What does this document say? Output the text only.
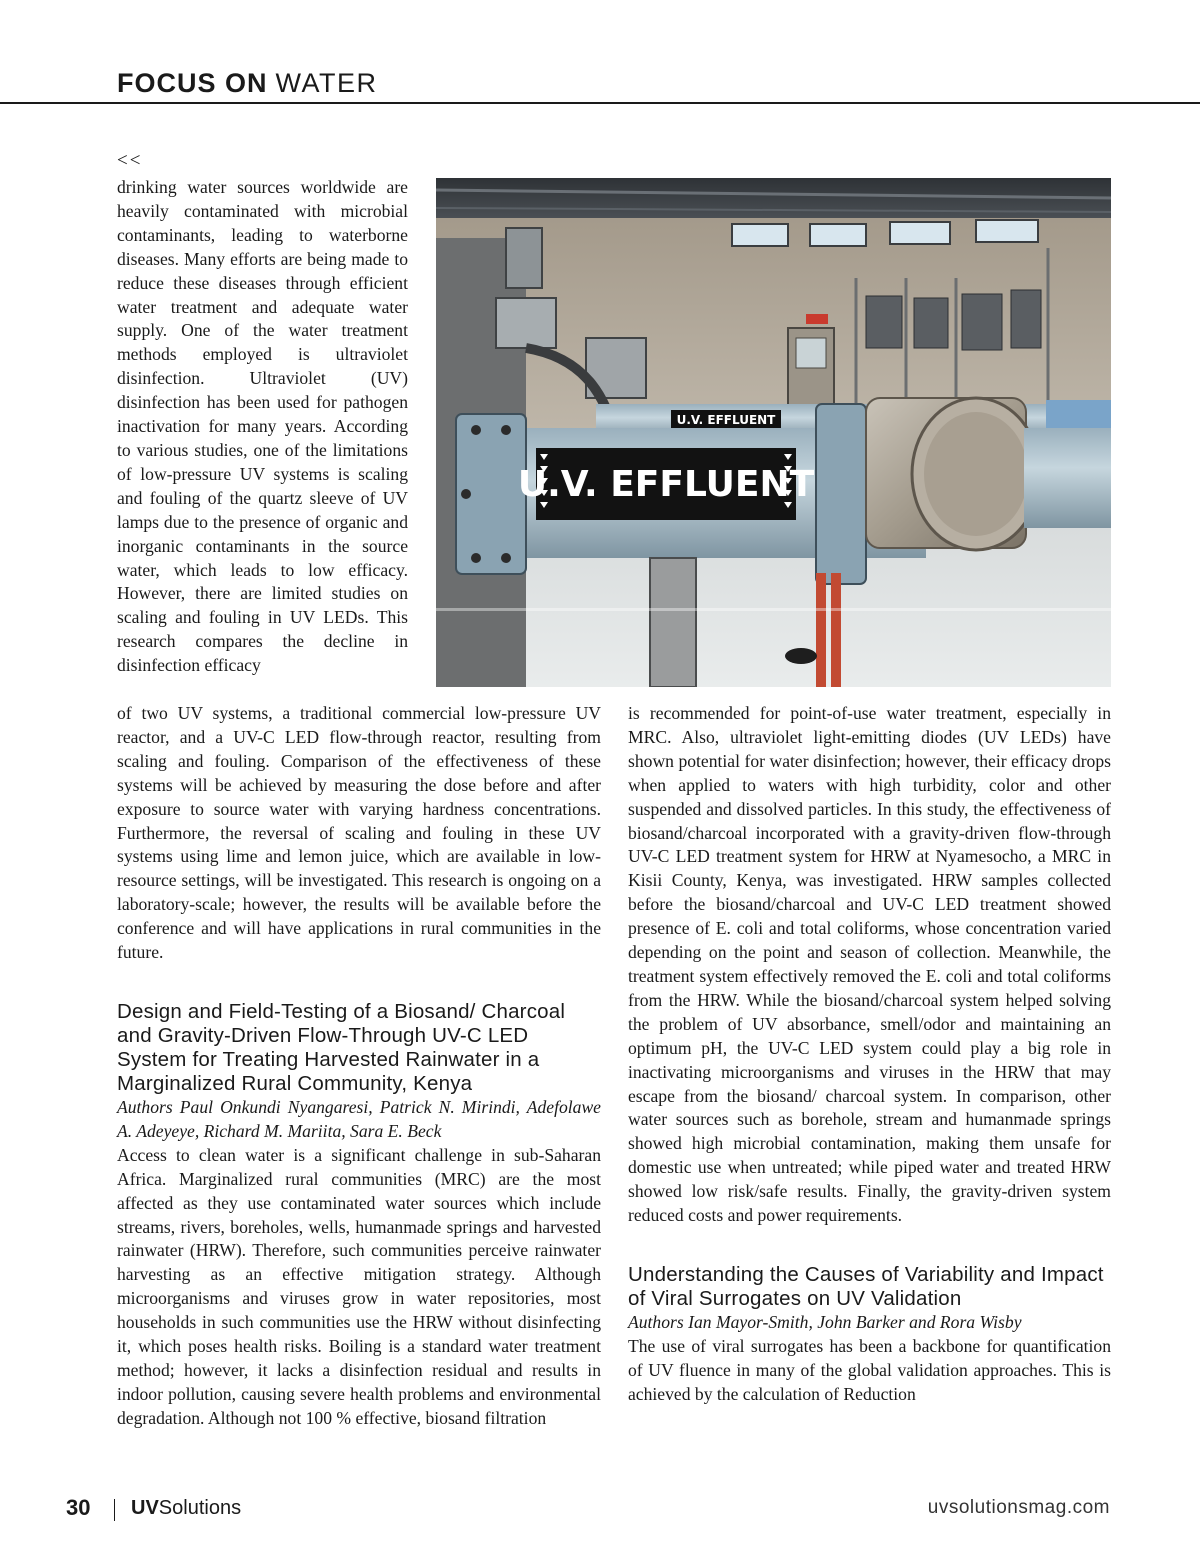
FOCUS ON WATER
<<

drinking water sources worldwide are heavily contaminated with microbial contaminants, leading to waterborne diseases. Many efforts are being made to reduce these diseases through efficient water treatment and adequate water supply. One of the water treatment methods employed is ultraviolet disinfection. Ultraviolet (UV) disinfection has been used for pathogen inactivation for many years. According to various studies, one of the limitations of low-pressure UV systems is scaling and fouling of the quartz sleeve of UV lamps due to the presence of organic and inorganic contaminants in the source water, which leads to low efficacy. However, there are limited studies on scaling and fouling in UV LEDs. This research compares the decline in disinfection efficacy

U.V. EFFLUENT
U.V. EFFLUENT

of two UV systems, a traditional commercial low-pressure UV reactor, and a UV-C LED flow-through reactor, resulting from scaling and fouling. Comparison of the effectiveness of these systems will be achieved by measuring the dose before and after exposure to source water with varying hardness concentrations. Furthermore, the reversal of scaling and fouling in these UV systems using lime and lemon juice, which are available in low-resource settings, will be investigated. This research is ongoing on a laboratory-scale; however, the results will be available before the conference and will have applications in rural communities in the future.

Design and Field-Testing of a Biosand/ Charcoal and Gravity-Driven Flow-Through UV-C LED System for Treating Harvested Rainwater in a Marginalized Rural Community, Kenya

Authors Paul Onkundi Nyangaresi, Patrick N. Mirindi, Adefolawe A. Adeyeye, Richard M. Mariita, Sara E. Beck

Access to clean water is a significant challenge in sub-Saharan Africa. Marginalized rural communities (MRC) are the most affected as they use contaminated water sources which include streams, rivers, boreholes, wells, humanmade springs and harvested rainwater (HRW). Therefore, such communities perceive rainwater harvesting as an effective mitigation strategy. Although microorganisms and viruses grow in water repositories, most households in such communities use the HRW without disinfecting it, which poses health risks. Boiling is a standard water treatment method; however, it lacks a disinfection residual and results in indoor pollution, causing severe health problems and environmental degradation. Although not 100 % effective, biosand filtration

is recommended for point-of-use water treatment, especially in MRC. Also, ultraviolet light-emitting diodes (UV LEDs) have shown potential for water disinfection; however, their efficacy drops when applied to waters with high turbidity, color and other suspended and dissolved particles. In this study, the effectiveness of biosand/charcoal incorporated with a gravity-driven flow-through UV-C LED treatment system for HRW at Nyamesocho, a MRC in Kisii County, Kenya, was investigated. HRW samples collected before the biosand/charcoal and UV-C LED treatment showed presence of E. coli and total coliforms, whose concentration varied depending on the point and season of collection. Meanwhile, the treatment system effectively removed the E. coli and total coliforms from the HRW. While the biosand/charcoal system helped solving the problem of UV absorbance, smell/odor and maintaining an optimum pH, the UV-C LED system could play a big role in inactivating microorganisms and viruses in the HRW that may escape from the biosand/ charcoal system. In comparison, other water sources such as borehole, stream and humanmade springs showed high microbial contamination, making them unsafe for domestic use when untreated; while piped water and treated HRW showed low risk/safe results. Finally, the gravity-driven system reduced costs and power requirements.

Understanding the Causes of Variability and Impact of Viral Surrogates on UV Validation

Authors Ian Mayor-Smith, John Barker and Rora Wisby

The use of viral surrogates has been a backbone for quantification of UV fluence in many of the global validation approaches. This is achieved by the calculation of Reduction

30 UVSolutions	uvsolutionsmag.com
